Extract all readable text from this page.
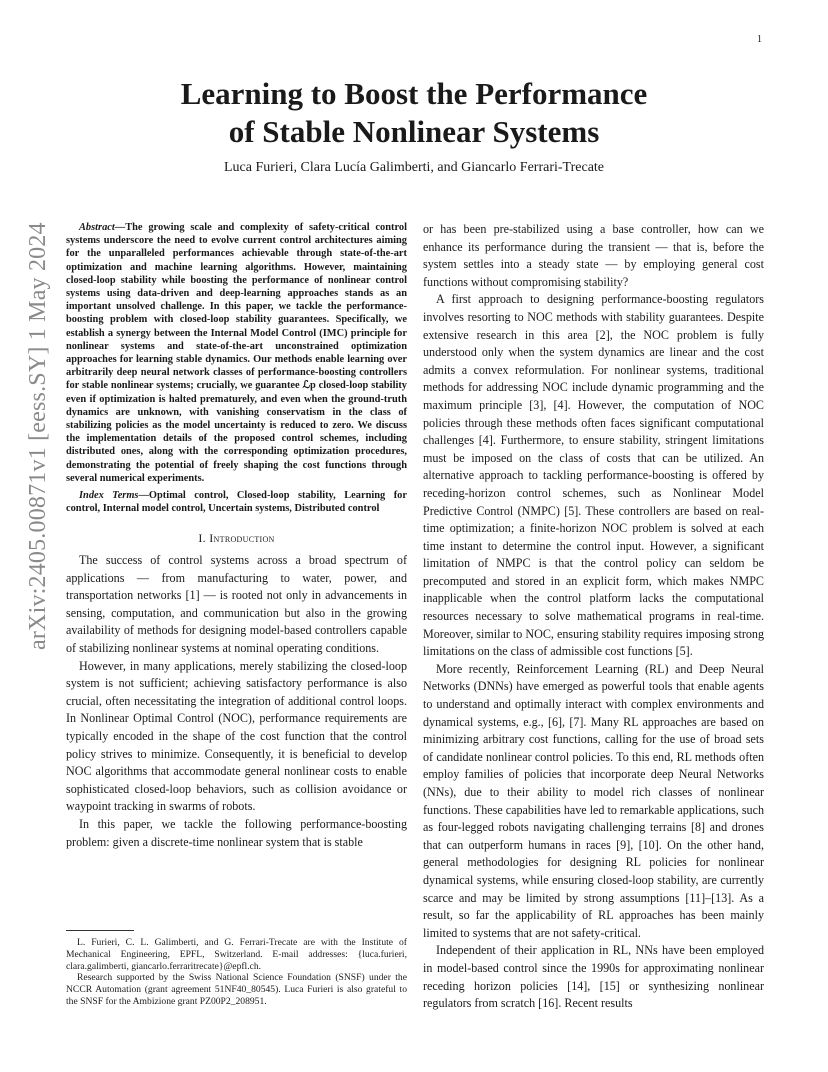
1
arXiv:2405.00871v1 [eess.SY] 1 May 2024
Learning to Boost the Performance
of Stable Nonlinear Systems
Luca Furieri, Clara Lucía Galimberti, and Giancarlo Ferrari-Trecate

Abstract—The growing scale and complexity of safety-critical control systems underscore the need to evolve current control architectures aiming for the unparalleled performances achievable through state-of-the-art optimization and machine learning algorithms. However, maintaining closed-loop stability while boosting the performance of nonlinear control systems using data-driven and deep-learning approaches stands as an important unsolved challenge. In this paper, we tackle the performance-boosting problem with closed-loop stability guarantees. Specifically, we establish a synergy between the Internal Model Control (IMC) principle for nonlinear systems and state-of-the-art unconstrained optimization approaches for learning stable dynamics. Our methods enable learning over arbitrarily deep neural network classes of performance-boosting controllers for stable nonlinear systems; crucially, we guarantee ℒp closed-loop stability even if optimization is halted prematurely, and even when the ground-truth dynamics are unknown, with vanishing conservatism in the class of stabilizing policies as the model uncertainty is reduced to zero. We discuss the implementation details of the proposed control schemes, including distributed ones, along with the corresponding optimization procedures, demonstrating the potential of freely shaping the cost functions through several numerical experiments.

Index Terms—Optimal control, Closed-loop stability, Learning for control, Internal model control, Uncertain systems, Distributed control

I. Introduction

The success of control systems across a broad spectrum of applications — from manufacturing to water, power, and transportation networks [1] — is rooted not only in advancements in sensing, computation, and communication but also in the growing availability of methods for designing model-based controllers capable of stabilizing nonlinear systems at nominal operating conditions.

However, in many applications, merely stabilizing the closed-loop system is not sufficient; achieving satisfactory performance is also crucial, often necessitating the integration of additional control loops. In Nonlinear Optimal Control (NOC), performance requirements are typically encoded in the shape of the cost function that the control policy strives to minimize. Consequently, it is beneficial to develop NOC algorithms that accommodate general nonlinear costs to enable sophisticated closed-loop behaviors, such as collision avoidance or waypoint tracking in swarms of robots.

In this paper, we tackle the following performance-boosting problem: given a discrete-time nonlinear system that is stable

L. Furieri, C. L. Galimberti, and G. Ferrari-Trecate are with the Institute of Mechanical Engineering, EPFL, Switzerland. E-mail addresses: {luca.furieri, clara.galimberti, giancarlo.ferraritrecate}@epfl.ch.

Research supported by the Swiss National Science Foundation (SNSF) under the NCCR Automation (grant agreement 51NF40_80545). Luca Furieri is also grateful to the SNSF for the Ambizione grant PZ00P2_208951.

or has been pre-stabilized using a base controller, how can we enhance its performance during the transient — that is, before the system settles into a steady state — by employing general cost functions without compromising stability?

A first approach to designing performance-boosting regulators involves resorting to NOC methods with stability guarantees. Despite extensive research in this area [2], the NOC problem is fully understood only when the system dynamics are linear and the cost admits a convex reformulation. For nonlinear systems, traditional methods for addressing NOC include dynamic programming and the maximum principle [3], [4]. However, the computation of NOC policies through these methods often faces significant computational challenges [4]. Furthermore, to ensure stability, stringent limitations must be imposed on the class of costs that can be utilized. An alternative approach to tackling performance-boosting is offered by receding-horizon control schemes, such as Nonlinear Model Predictive Control (NMPC) [5]. These controllers are based on real-time optimization; a finite-horizon NOC problem is solved at each time instant to determine the control input. However, a significant limitation of NMPC is that the control policy can seldom be precomputed and stored in an explicit form, which makes NMPC inapplicable when the control platform lacks the computational resources necessary to solve mathematical programs in real-time. Moreover, similar to NOC, ensuring stability requires imposing strong limitations on the class of admissible cost functions [5].

More recently, Reinforcement Learning (RL) and Deep Neural Networks (DNNs) have emerged as powerful tools that enable agents to understand and optimally interact with complex environments and dynamical systems, e.g., [6], [7]. Many RL approaches are based on minimizing arbitrary cost functions, calling for the use of broad sets of candidate nonlinear control policies. To this end, RL methods often employ families of policies that incorporate deep Neural Networks (NNs), due to their ability to model rich classes of nonlinear functions. These capabilities have led to remarkable applications, such as four-legged robots navigating challenging terrains [8] and drones that can outperform humans in races [9], [10]. On the other hand, general methodologies for designing RL policies for nonlinear dynamical systems, while ensuring closed-loop stability, are currently scarce and may be limited by strong assumptions [11]–[13]. As a result, so far the applicability of RL approaches has been mainly limited to systems that are not safety-critical.

Independent of their application in RL, NNs have been employed in model-based control since the 1990s for approximating nonlinear receding horizon policies [14], [15] or synthesizing nonlinear regulators from scratch [16]. Recent results
